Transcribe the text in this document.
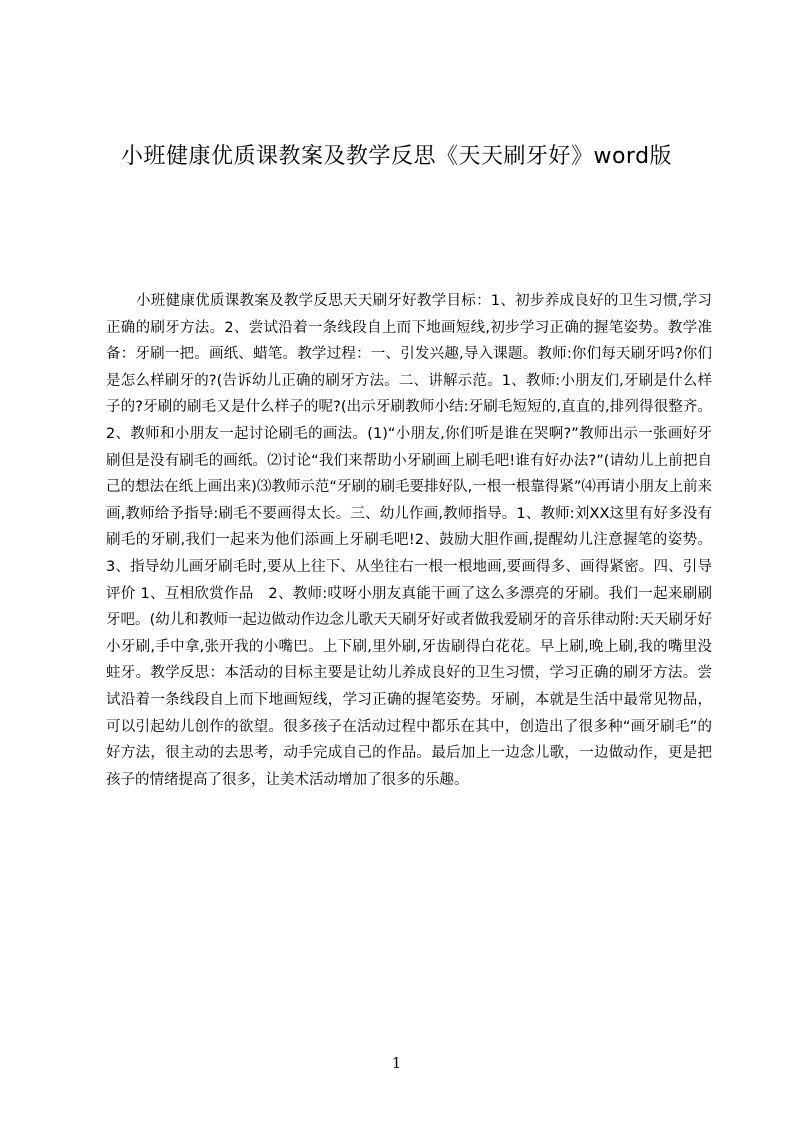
小班健康优质课教案及教学反思《天天刷牙好》word版

小班健康优质课教案及教学反思天天刷牙好教学目标：1、初步养成良好的卫生习惯,学习正确的刷牙方法。2、尝试沿着一条线段自上而下地画短线,初步学习正确的握笔姿势。教学准备：牙刷一把。画纸、蜡笔。教学过程：一、引发兴趣,导入课题。教师:你们每天刷牙吗?你们是怎么样刷牙的?(告诉幼儿正确的刷牙方法。二、讲解示范。1、教师:小朋友们,牙刷是什么样子的?牙刷的刷毛又是什么样子的呢?(出示牙刷教师小结:牙刷毛短短的,直直的,排列得很整齐。2、教师和小朋友一起讨论刷毛的画法。(1)“小朋友,你们听是谁在哭啊?”教师出示一张画好牙刷但是没有刷毛的画纸。⑵讨论“我们来帮助小牙刷画上刷毛吧!谁有好办法?”(请幼儿上前把自己的想法在纸上画出来)⑶教师示范“牙刷的刷毛要排好队,一根一根靠得紧”⑷再请小朋友上前来画,教师给予指导:刷毛不要画得太长。三、幼儿作画,教师指导。1、教师:刘XX这里有好多没有刷毛的牙刷,我们一起来为他们添画上牙刷毛吧!2、鼓励大胆作画,提醒幼儿注意握笔的姿势。3、指导幼儿画牙刷毛时,要从上往下、从坐往右一根一根地画,要画得多、画得紧密。四、引导评价 1、互相欣赏作品　2、教师:哎呀小朋友真能干画了这么多漂亮的牙刷。我们一起来刷刷牙吧。(幼儿和教师一起边做动作边念儿歌天天刷牙好或者做我爱刷牙的音乐律动附:天天刷牙好小牙刷,手中拿,张开我的小嘴巴。上下刷,里外刷,牙齿刷得白花花。早上刷,晚上刷,我的嘴里没蛀牙。教学反思：本活动的目标主要是让幼儿养成良好的卫生习惯，学习正确的刷牙方法。尝试沿着一条线段自上而下地画短线，学习正确的握笔姿势。牙刷，本就是生活中最常见物品，可以引起幼儿创作的欲望。很多孩子在活动过程中都乐在其中，创造出了很多种“画牙刷毛”的好方法，很主动的去思考，动手完成自己的作品。最后加上一边念儿歌，一边做动作，更是把孩子的情绪提高了很多，让美术活动增加了很多的乐趣。

1
